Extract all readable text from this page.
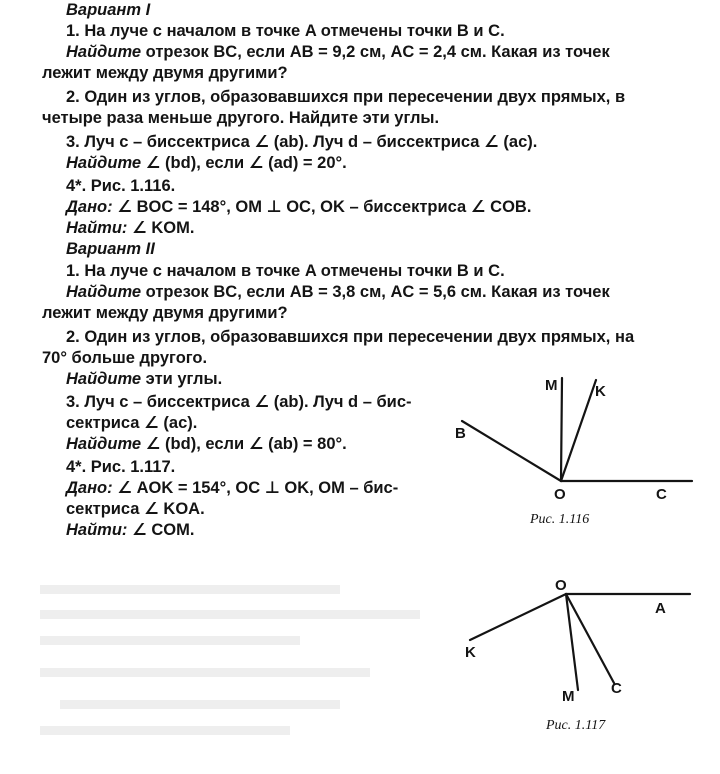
Вариант I
1. На луче с началом в точке A отмечены точки B и C.
Найдите отрезок BC, если AB = 9,2 см, AC = 2,4 см. Какая из точек
лежит между двумя другими?
2. Один из углов, образовавшихся при пересечении двух прямых, в
четыре раза меньше другого. Найдите эти углы.
3. Луч c – биссектриса ∠ (ab). Луч d – биссектриса ∠ (ac).
Найдите ∠ (bd), если ∠ (ad) = 20°.
4*. Рис. 1.116.
Дано: ∠ BOC = 148°, OM ⊥ OC, OK – биссектриса ∠ COB.
Найти: ∠ KOM.
Вариант II
1. На луче с началом в точке A отмечены точки B и C.
Найдите отрезок BC, если AB = 3,8 см, AC = 5,6 см. Какая из точек
лежит между двумя другими?
2. Один из углов, образовавшихся при пересечении двух прямых, на
70° больше другого.
Найдите эти углы.
3. Луч c – биссектриса ∠ (ab). Луч d – бис-
сектриса ∠ (ac).
Найдите ∠ (bd), если ∠ (ab) = 80°.
4*. Рис. 1.117.
Дано: ∠ AOK = 154°, OC ⊥ OK, OM – бис-
сектриса ∠ KOA.
Найти: ∠ COM.
M	K
B
O	C
O
A
K
M C
Рис. 1.116
Рис. 1.117
